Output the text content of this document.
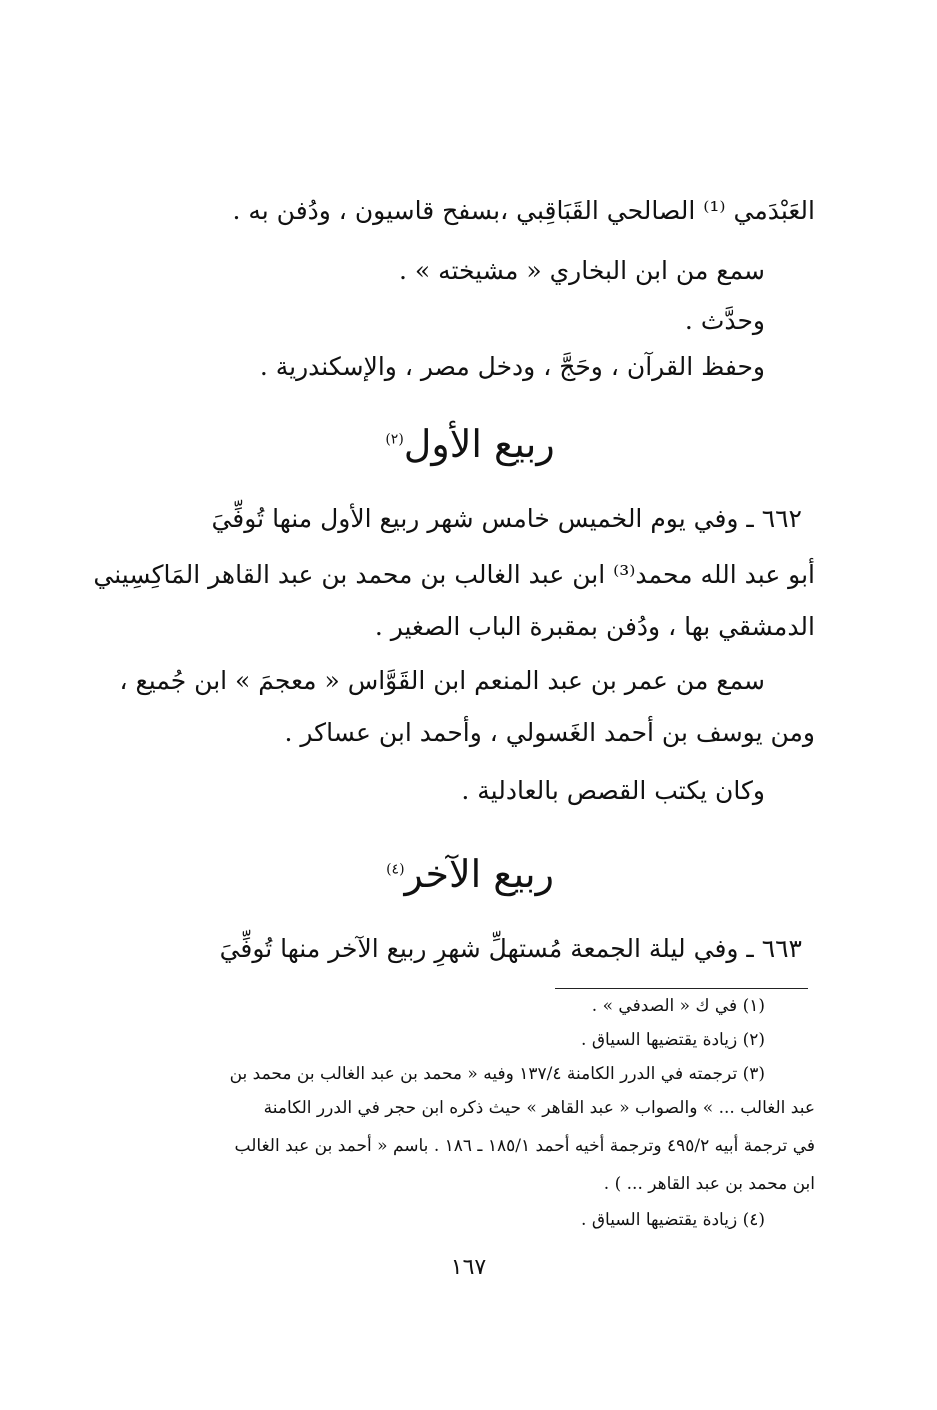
العَبْدَمي ⁽¹⁾ الصالحي القَبَاقِبي ،بسفح قاسيون ، ودُفن به .
سمع من ابن البخاري « مشيخته » .
وحدَّث .
وحفظ القرآن ، وحَجَّ ، ودخل مصر ، والإسكندرية .
ربيع الأول$^{(٢)}$
٦٦٢ ـ وفي يوم الخميس خامس شهر ربيع الأول منها تُوفِّيَ
أبو عبد الله محمد⁽³⁾ ابن عبد الغالب بن محمد بن عبد القاهر المَاكِسِيني
الدمشقي بها ، ودُفن بمقبرة الباب الصغير .
سمع من عمر بن عبد المنعم ابن القَوَّاس « معجمَ » ابن جُميع ،
ومن يوسف بن أحمد الغَسولي ، وأحمد ابن عساكر .
وكان يكتب القصص بالعادلية .
ربيع الآخر$^{(٤)}$
٦٦٣ ـ وفي ليلة الجمعة مُستهلِّ شهرِ ربيع الآخر منها تُوفِّيَ
(١) في ك « الصدفي » .
(٢) زيادة يقتضيها السياق .
(٣) ترجمته في الدرر الكامنة ١٣٧/٤ وفيه « محمد بن عبد الغالب بن محمد بن
عبد الغالب ... » والصواب « عبد القاهر » حيث ذكره ابن حجر في الدرر الكامنة
في ترجمة أبيه ٤٩٥/٢ وترجمة أخيه أحمد ١٨٥/١ ـ ١٨٦ . باسم « أحمد بن عبد الغالب
ابن محمد بن عبد القاهر ... ) .
(٤) زيادة يقتضيها السياق .
١٦٧
